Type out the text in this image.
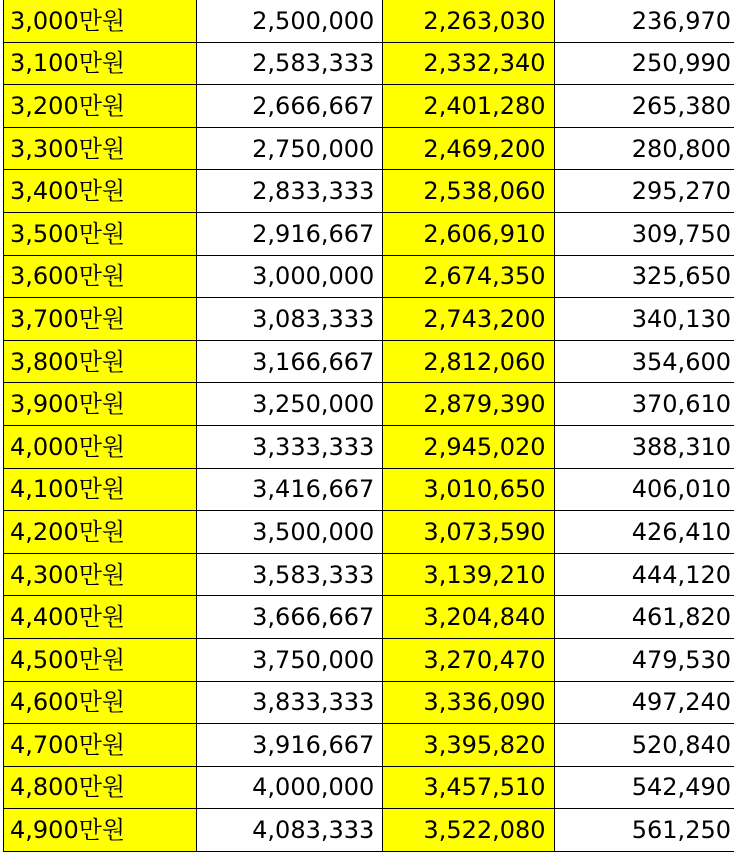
3,000만원	2,500,000	2,263,030	236,970
3,100만원	2,583,333	2,332,340	250,990
3,200만원	2,666,667	2,401,280	265,380
3,300만원	2,750,000	2,469,200	280,800
3,400만원	2,833,333	2,538,060	295,270
3,500만원	2,916,667	2,606,910	309,750
3,600만원	3,000,000	2,674,350	325,650
3,700만원	3,083,333	2,743,200	340,130
3,800만원	3,166,667	2,812,060	354,600
3,900만원	3,250,000	2,879,390	370,610
4,000만원	3,333,333	2,945,020	388,310
4,100만원	3,416,667	3,010,650	406,010
4,200만원	3,500,000	3,073,590	426,410
4,300만원	3,583,333	3,139,210	444,120
4,400만원	3,666,667	3,204,840	461,820
4,500만원	3,750,000	3,270,470	479,530
4,600만원	3,833,333	3,336,090	497,240
4,700만원	3,916,667	3,395,820	520,840
4,800만원	4,000,000	3,457,510	542,490
4,900만원	4,083,333	3,522,080	561,250
